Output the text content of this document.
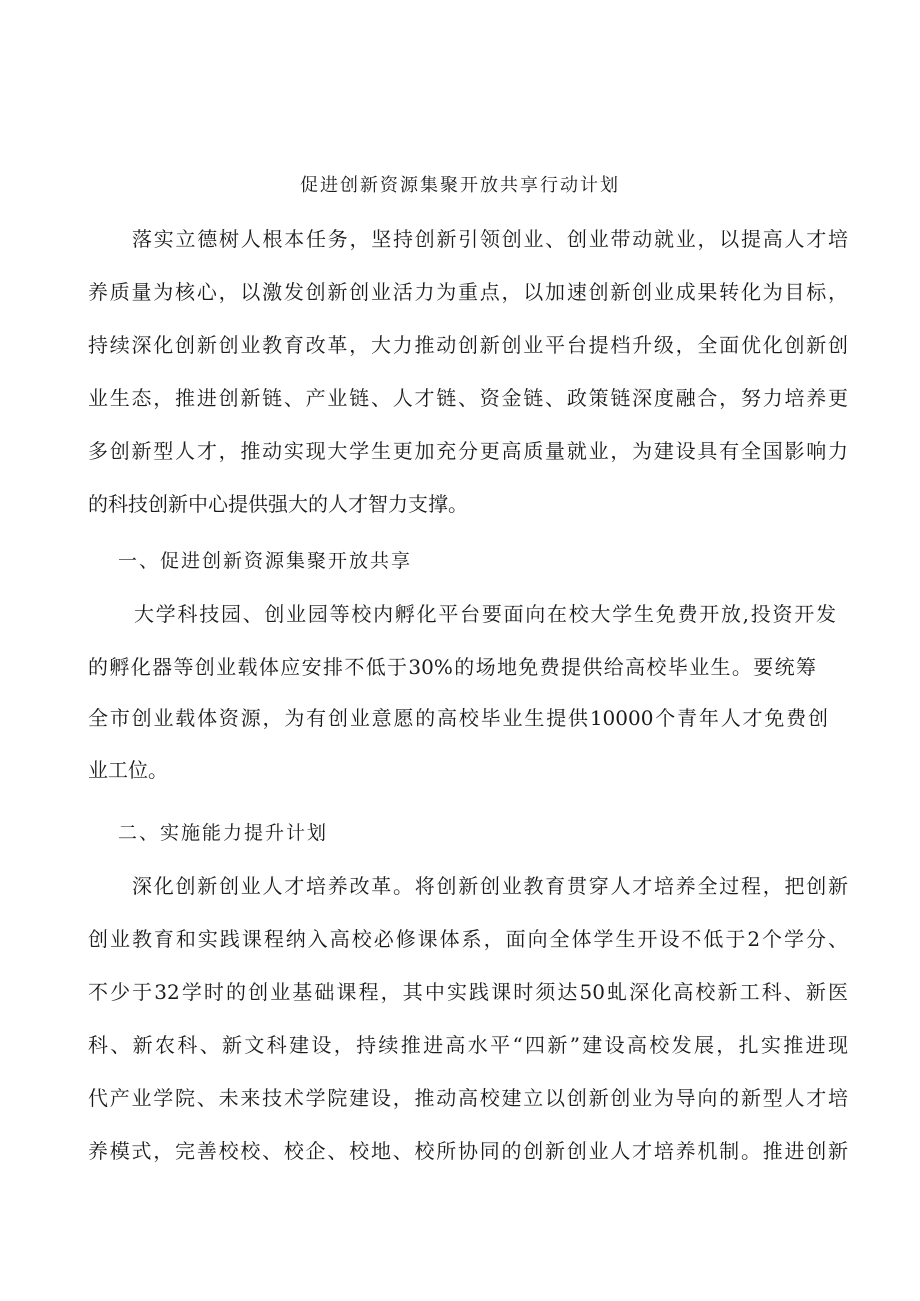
促进创新资源集聚开放共享行动计划
落实立德树人根本任务，坚持创新引领创业、创业带动就业，以提高人才培
养质量为核心，以激发创新创业活力为重点，以加速创新创业成果转化为目标，
持续深化创新创业教育改革，大力推动创新创业平台提档升级，全面优化创新创
业生态，推进创新链、产业链、人才链、资金链、政策链深度融合，努力培养更
多创新型人才，推动实现大学生更加充分更高质量就业，为建设具有全国影响力
的科技创新中心提供强大的人才智力支撑。
一、促进创新资源集聚开放共享
大学科技园、创业园等校内孵化平台要面向在校大学生免费开放,投资开发
的孵化器等创业载体应安排不低于30%的场地免费提供给高校毕业生。要统筹
全市创业载体资源，为有创业意愿的高校毕业生提供10000个青年人才免费创
业工位。
二、实施能力提升计划
深化创新创业人才培养改革。将创新创业教育贯穿人才培养全过程，把创新
创业教育和实践课程纳入高校必修课体系，面向全体学生开设不低于2个学分、
不少于32学时的创业基础课程，其中实践课时须达50虬深化高校新工科、新医
科、新农科、新文科建设，持续推进高水平“四新”建设高校发展，扎实推进现
代产业学院、未来技术学院建设，推动高校建立以创新创业为导向的新型人才培
养模式，完善校校、校企、校地、校所协同的创新创业人才培养机制。推进创新
